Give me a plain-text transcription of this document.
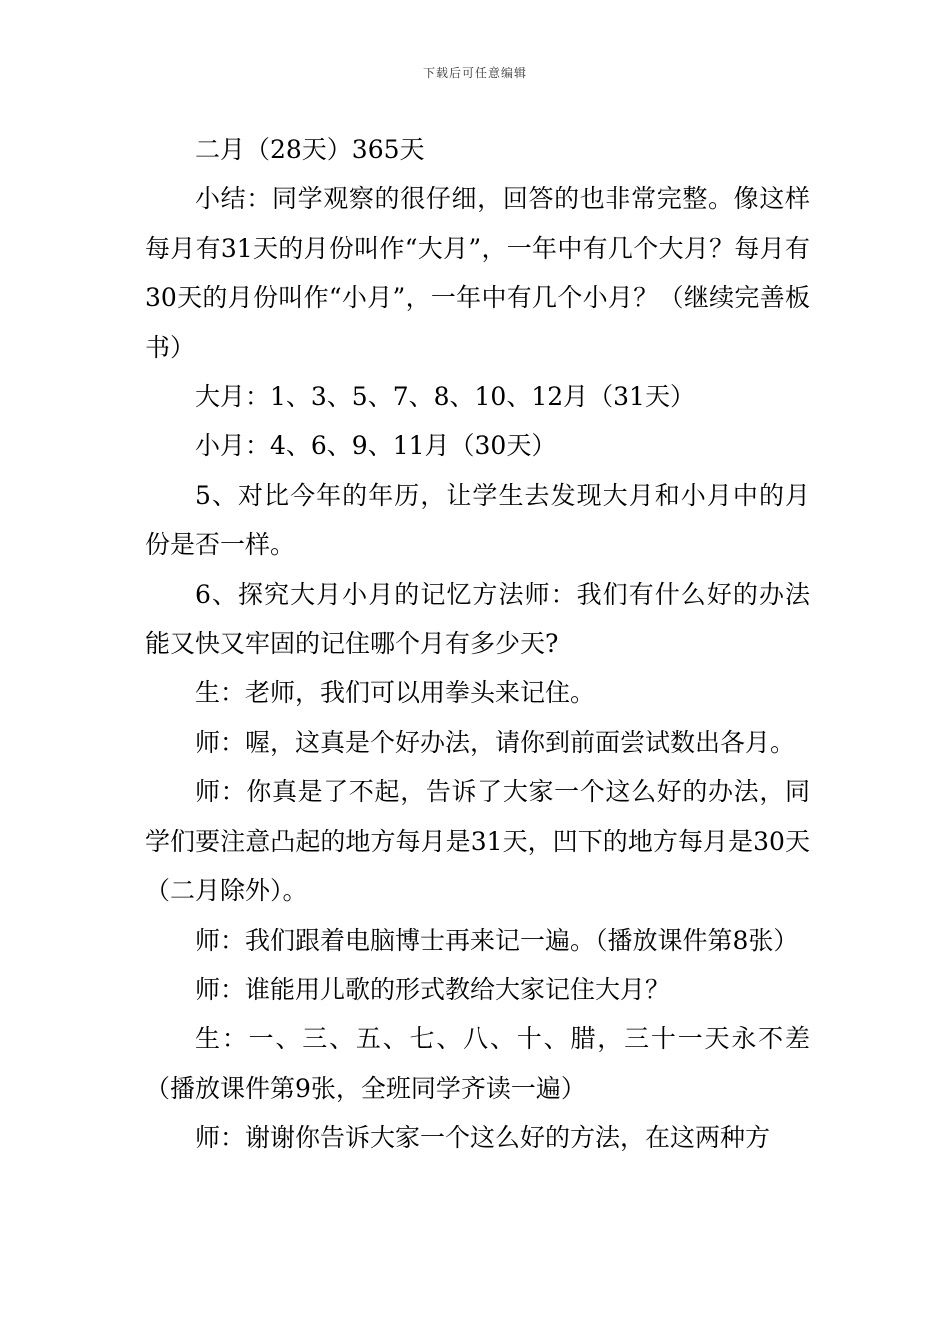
下载后可任意编辑

二月（28天）365天

小结：同学观察的很仔细，回答的也非常完整。像这样每月有31天的月份叫作“大月”，一年中有几个大月？每月有30天的月份叫作“小月”，一年中有几个小月？（继续完善板书）

大月：1、3、5、7、8、10、12月（31天）

小月：4、6、9、11月（30天）

5、对比今年的年历，让学生去发现大月和小月中的月份是否一样。

6、探究大月小月的记忆方法师：我们有什么好的办法能又快又牢固的记住哪个月有多少天?

生：老师，我们可以用拳头来记住。

师：喔，这真是个好办法，请你到前面尝试数出各月。

师：你真是了不起，告诉了大家一个这么好的办法，同学们要注意凸起的地方每月是31天，凹下的地方每月是30天（二月除外）。

师：我们跟着电脑博士再来记一遍。（播放课件第8张）

师：谁能用儿歌的形式教给大家记住大月？

生：一、三、五、七、八、十、腊，三十一天永不差（播放课件第9张，全班同学齐读一遍）

师：谢谢你告诉大家一个这么好的方法，在这两种方
